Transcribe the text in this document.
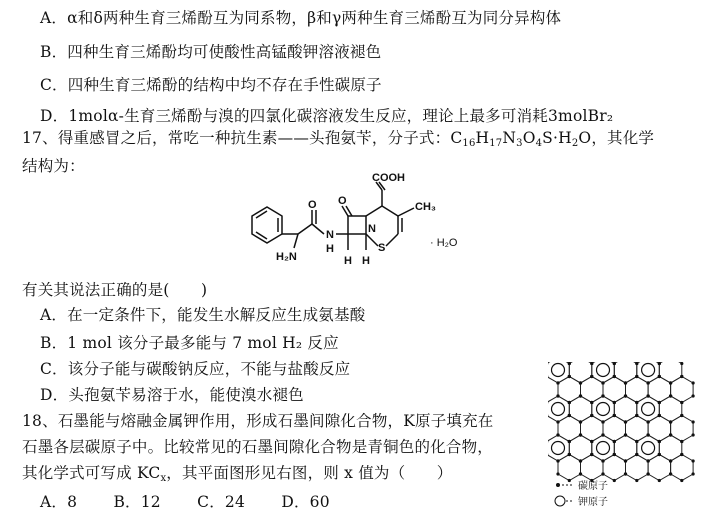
A．α和δ两种生育三烯酚互为同系物，β和γ两种生育三烯酚互为同分异构体
B．四种生育三烯酚均可使酸性高锰酸钾溶液褪色
C．四种生育三烯酚的结构中均不存在手性碳原子
D．1molα-生育三烯酚与溴的四氯化碳溶液发生反应，理论上最多可消耗3molBr₂
17、得重感冒之后，常吃一种抗生素——头孢氨苄，分子式：$C_{16}H_{17}N_3O_4S\cdot H_2O$，其化学
结构为：
COOH
CH₃
· H₂O
O O
H₂N
N
H
N
S
H H
有关其说法正确的是(　　)
A．在一定条件下，能发生水解反应生成氨基酸
B．1 mol 该分子最多能与 7 mol H₂ 反应
C．该分子能与碳酸钠反应，不能与盐酸反应
D．头孢氨苄易溶于水，能使溴水褪色
18、石墨能与熔融金属钾作用，形成石墨间隙化合物，K原子填充在
石墨各层碳原子中。比较常见的石墨间隙化合物是青铜色的化合物，
其化学式可写成 $KC_x$，其平面图形见右图，则 x 值为（　　）
A．8 B．12 C．24 D．60
碳原子
钾原子
